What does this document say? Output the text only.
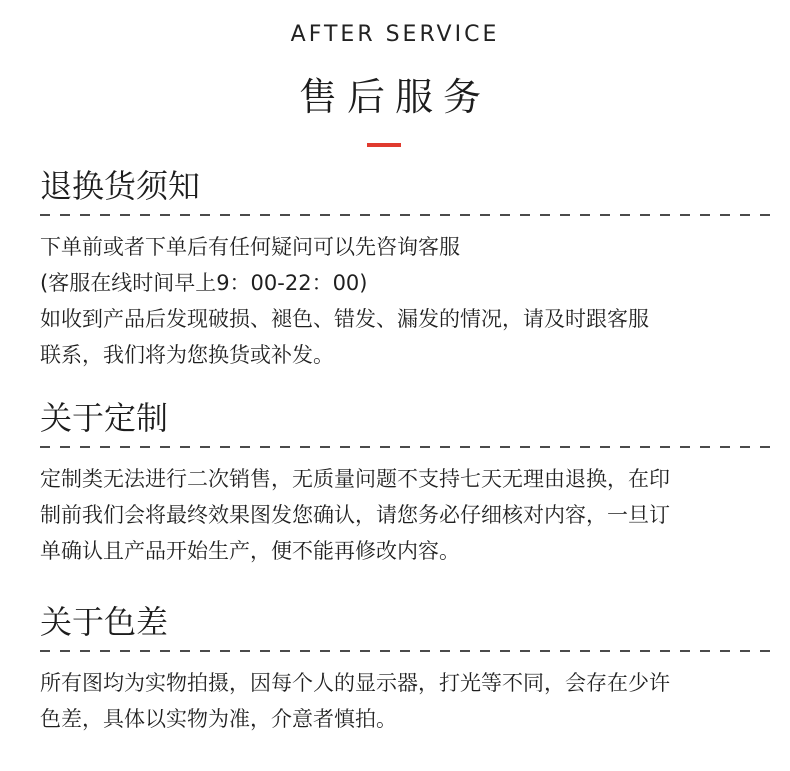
AFTER SERVICE
售后服务
退换货须知
下单前或者下单后有任何疑问可以先咨询客服
(客服在线时间早上9：00-22：00)
如收到产品后发现破损、褪色、错发、漏发的情况，请及时跟客服
联系，我们将为您换货或补发。
关于定制
定制类无法进行二次销售，无质量问题不支持七天无理由退换，在印
制前我们会将最终效果图发您确认，请您务必仔细核对内容，一旦订
单确认且产品开始生产，便不能再修改内容。
关于色差
所有图均为实物拍摄，因每个人的显示器，打光等不同，会存在少许
色差，具体以实物为准，介意者慎拍。
